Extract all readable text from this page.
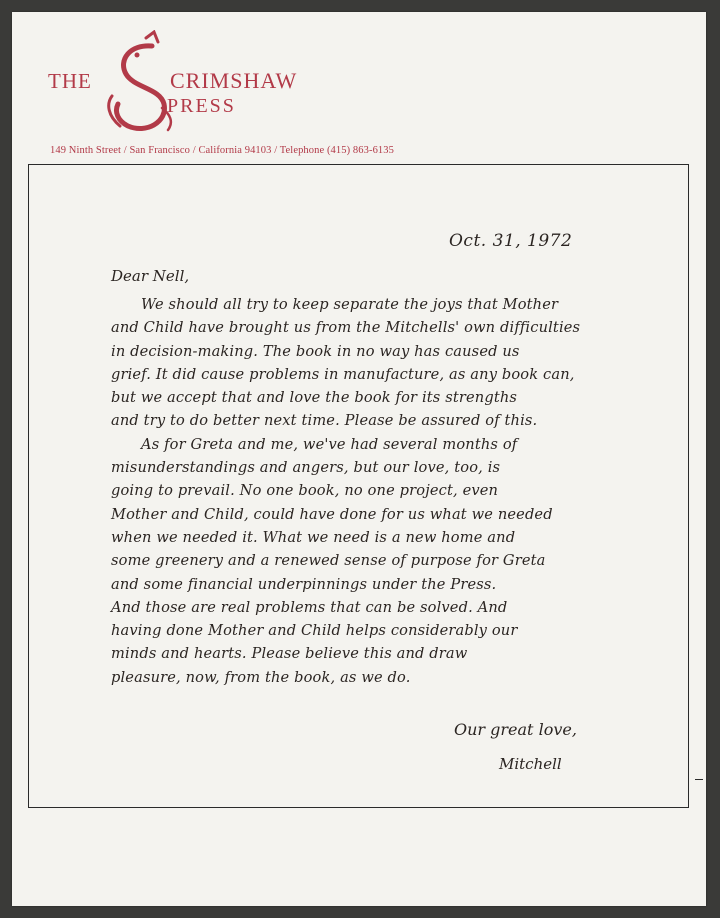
THE	CRIMSHAW
PRESS
149 Ninth Street / San Francisco / California 94103 / Telephone (415) 863-6135
Oct. 31, 1972
Dear Nell,
We should all try to keep separate the joys that Mother
and Child have brought us from the Mitchells' own difficulties
in decision-making. The book in no way has caused us
grief. It did cause problems in manufacture, as any book can,
but we accept that and love the book for its strengths
and try to do better next time. Please be assured of this.
As for Greta and me, we've had several months of
misunderstandings and angers, but our love, too, is
going to prevail. No one book, no one project, even
Mother and Child, could have done for us what we needed
when we needed it. What we need is a new home and
some greenery and a renewed sense of purpose for Greta
and some financial underpinnings under the Press.
And those are real problems that can be solved. And
having done Mother and Child helps considerably our
minds and hearts. Please believe this and draw
pleasure, now, from the book, as we do.
Our great love,
Mitchell
